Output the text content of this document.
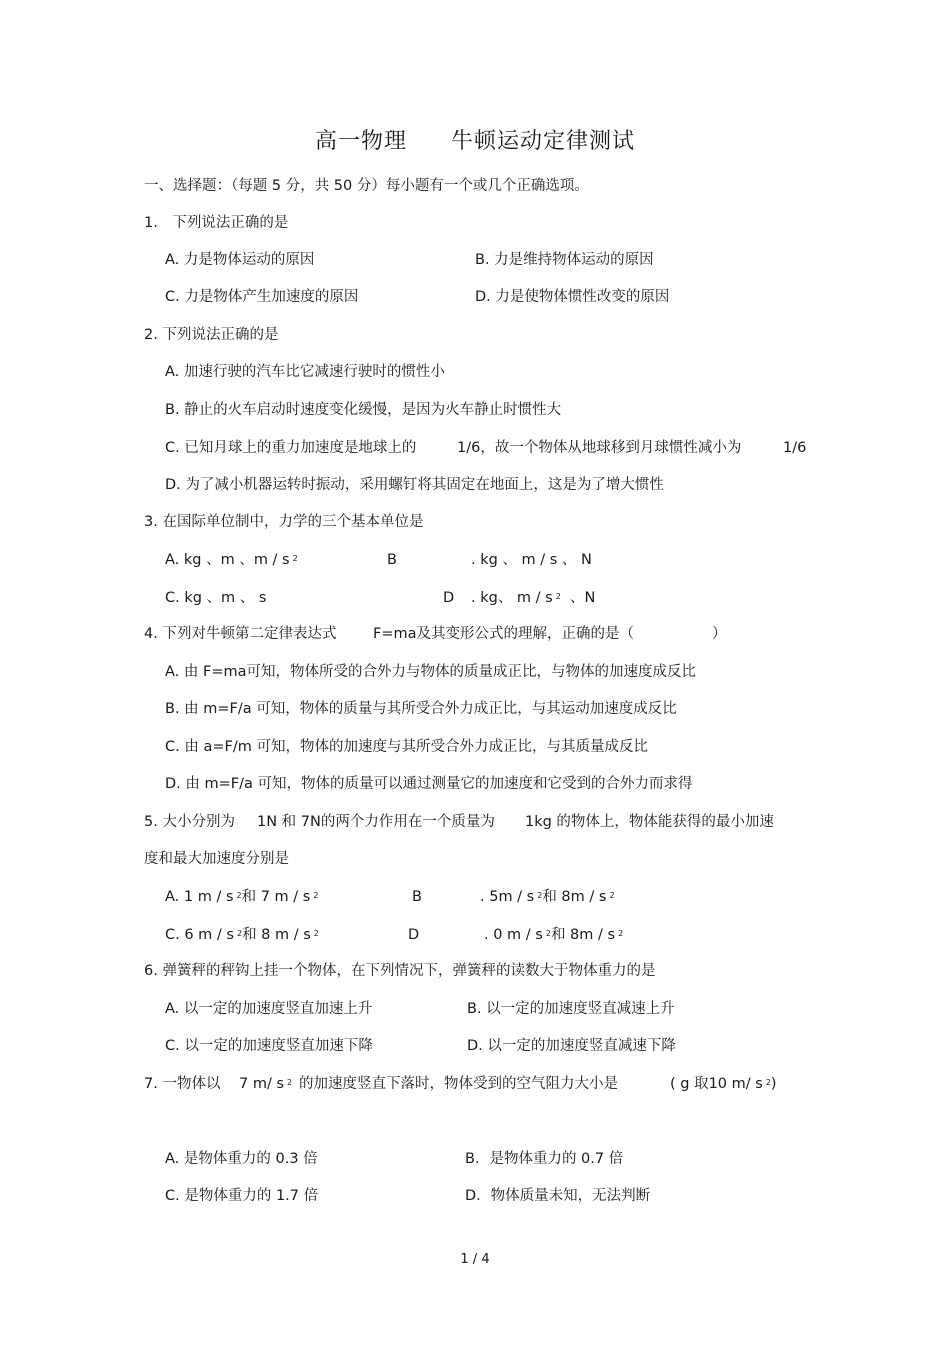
高一物理 牛顿运动定律测试
一、选择题：（每题 5 分，共 50 分）每小题有一个或几个正确选项。
1.　下列说法正确的是
A. 力是物体运动的原因	B. 力是维持物体运动的原因
C. 力是物体产生加速度的原因	D. 力是使物体惯性改变的原因
2. 下列说法正确的是
A. 加速行驶的汽车比它减速行驶时的惯性小
B. 静止的火车启动时速度变化缓慢，是因为火车静止时惯性大
C. 已知月球上的重力加速度是地球上的	1/6，故一个物体从地球移到月球惯性减小为	1/6
D. 为了减小机器运转时振动，采用螺钉将其固定在地面上，这是为了增大惯性
3. 在国际单位制中，力学的三个基本单位是
A. kg 、m 、m / s $^2$	B	. kg 、 m / s 、 N
C. kg 、m 、 s	D . kg、 m / s $^2$ 、N
4. 下列对牛顿第二定律表达式	F=ma及其变形公式的理解，正确的是（	）
A. 由 F=ma可知，物体所受的合外力与物体的质量成正比，与物体的加速度成反比
B. 由 m=F/a 可知，物体的质量与其所受合外力成正比，与其运动加速度成反比
C. 由 a=F/m 可知，物体的加速度与其所受合外力成正比，与其质量成反比
D. 由 m=F/a 可知，物体的质量可以通过测量它的加速度和它受到的合外力而求得
5. 大小分别为 1N 和 7N的两个力作用在一个质量为 1kg 的物体上，物体能获得的最小加速
度和最大加速度分别是
A. 1 m / s $^2$和 7 m / s $^2$	B	. 5m / s $^2$和 8m / s $^2$
C. 6 m / s $^2$和 8 m / s $^2$	D	. 0 m / s $^2$和 8m / s $^2$
6. 弹簧秤的秤钩上挂一个物体，在下列情况下，弹簧秤的读数大于物体重力的是
A. 以一定的加速度竖直加速上升	B. 以一定的加速度竖直减速上升
C. 以一定的加速度竖直加速下降	D. 以一定的加速度竖直减速下降
7. 一物体以 7 m/ s $^2$ 的加速度竖直下落时，物体受到的空气阻力大小是	( g 取10 m/ s $^2$)
A. 是物体重力的 0.3 倍	B．是物体重力的 0.7 倍
C. 是物体重力的 1.7 倍	D．物体质量未知，无法判断
1 / 4
